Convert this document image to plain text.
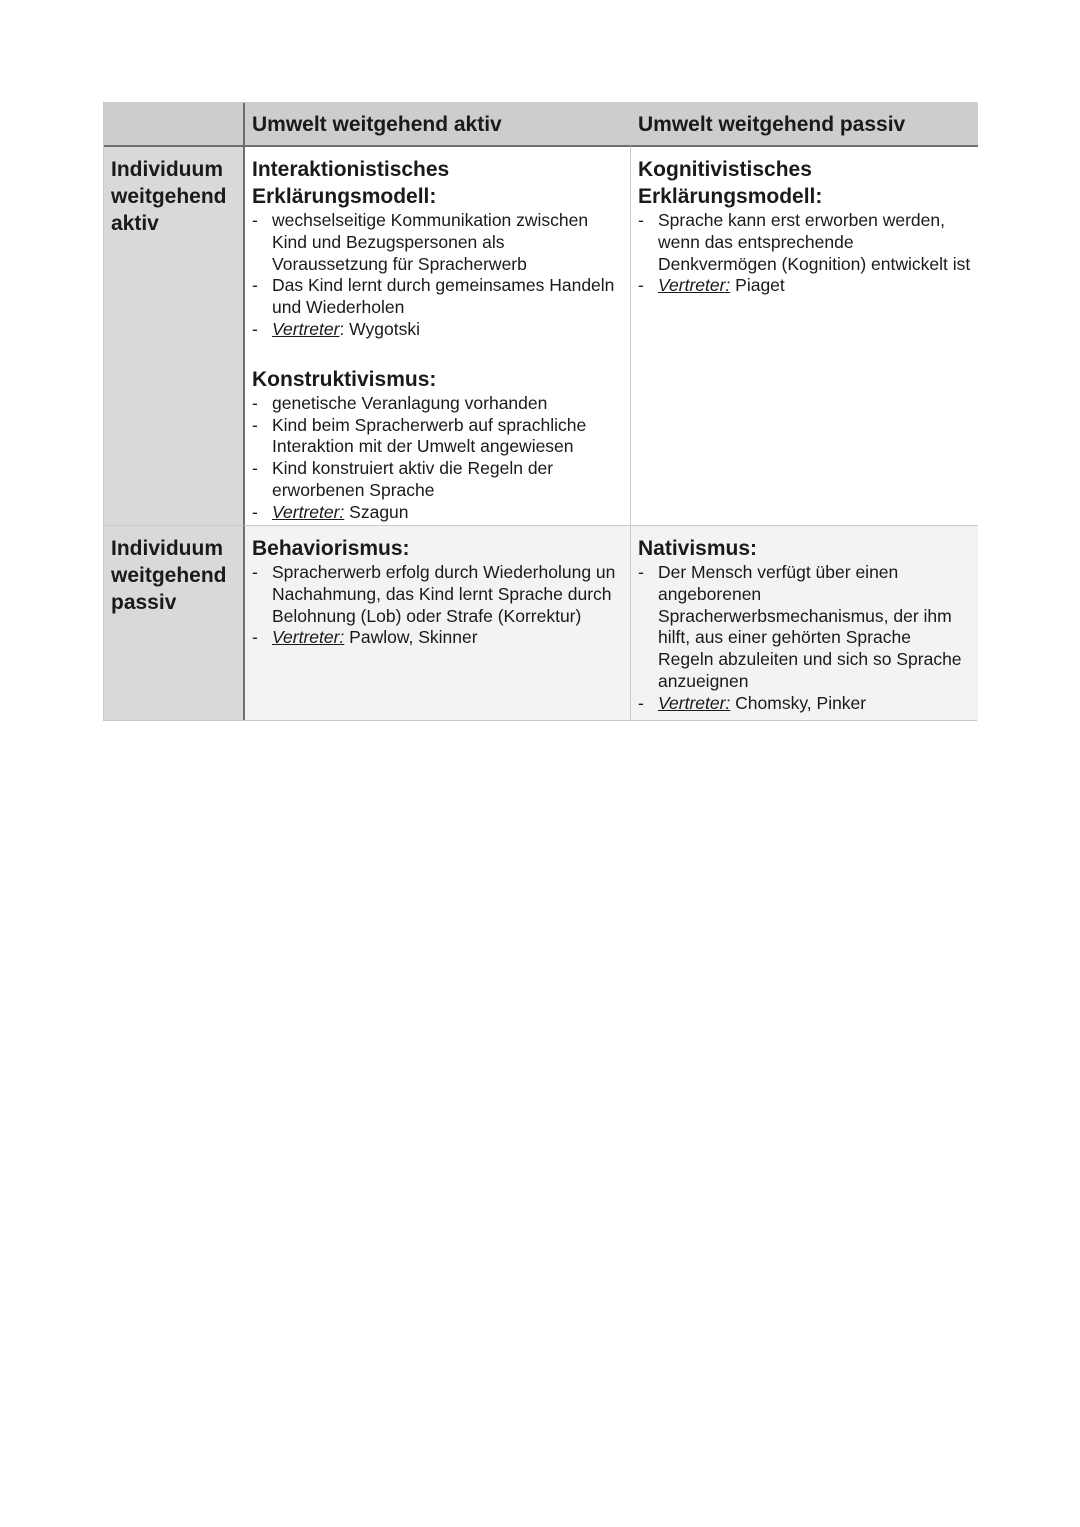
Umwelt weitgehend aktiv	Umwelt weitgehend passiv
Individuum
weitgehend
aktiv
Interaktionistisches
Erklärungsmodell:
- wechselseitige Kommunikation zwischen Kind und Bezugspersonen als Voraussetzung für Spracherwerb
- Das Kind lernt durch gemeinsames Handeln und Wiederholen
- Vertreter: Wygotski
Konstruktivismus:
- genetische Veranlagung vorhanden
- Kind beim Spracherwerb auf sprachliche Interaktion mit der Umwelt angewiesen
- Kind konstruiert aktiv die Regeln der erworbenen Sprache
- Vertreter: Szagun
Kognitivistisches
Erklärungsmodell:
- Sprache kann erst erworben werden, wenn das entsprechende Denkvermögen (Kognition) entwickelt ist
- Vertreter: Piaget
Individuum
weitgehend
passiv
Behaviorismus:
- Spracherwerb erfolg durch Wiederholung un Nachahmung, das Kind lernt Sprache durch Belohnung (Lob) oder Strafe (Korrektur)
- Vertreter: Pawlow, Skinner
Nativismus:
- Der Mensch verfügt über einen angeborenen Spracherwerbsmechanismus, der ihm hilft, aus einer gehörten Sprache Regeln abzuleiten und sich so Sprache anzueignen
- Vertreter: Chomsky, Pinker
